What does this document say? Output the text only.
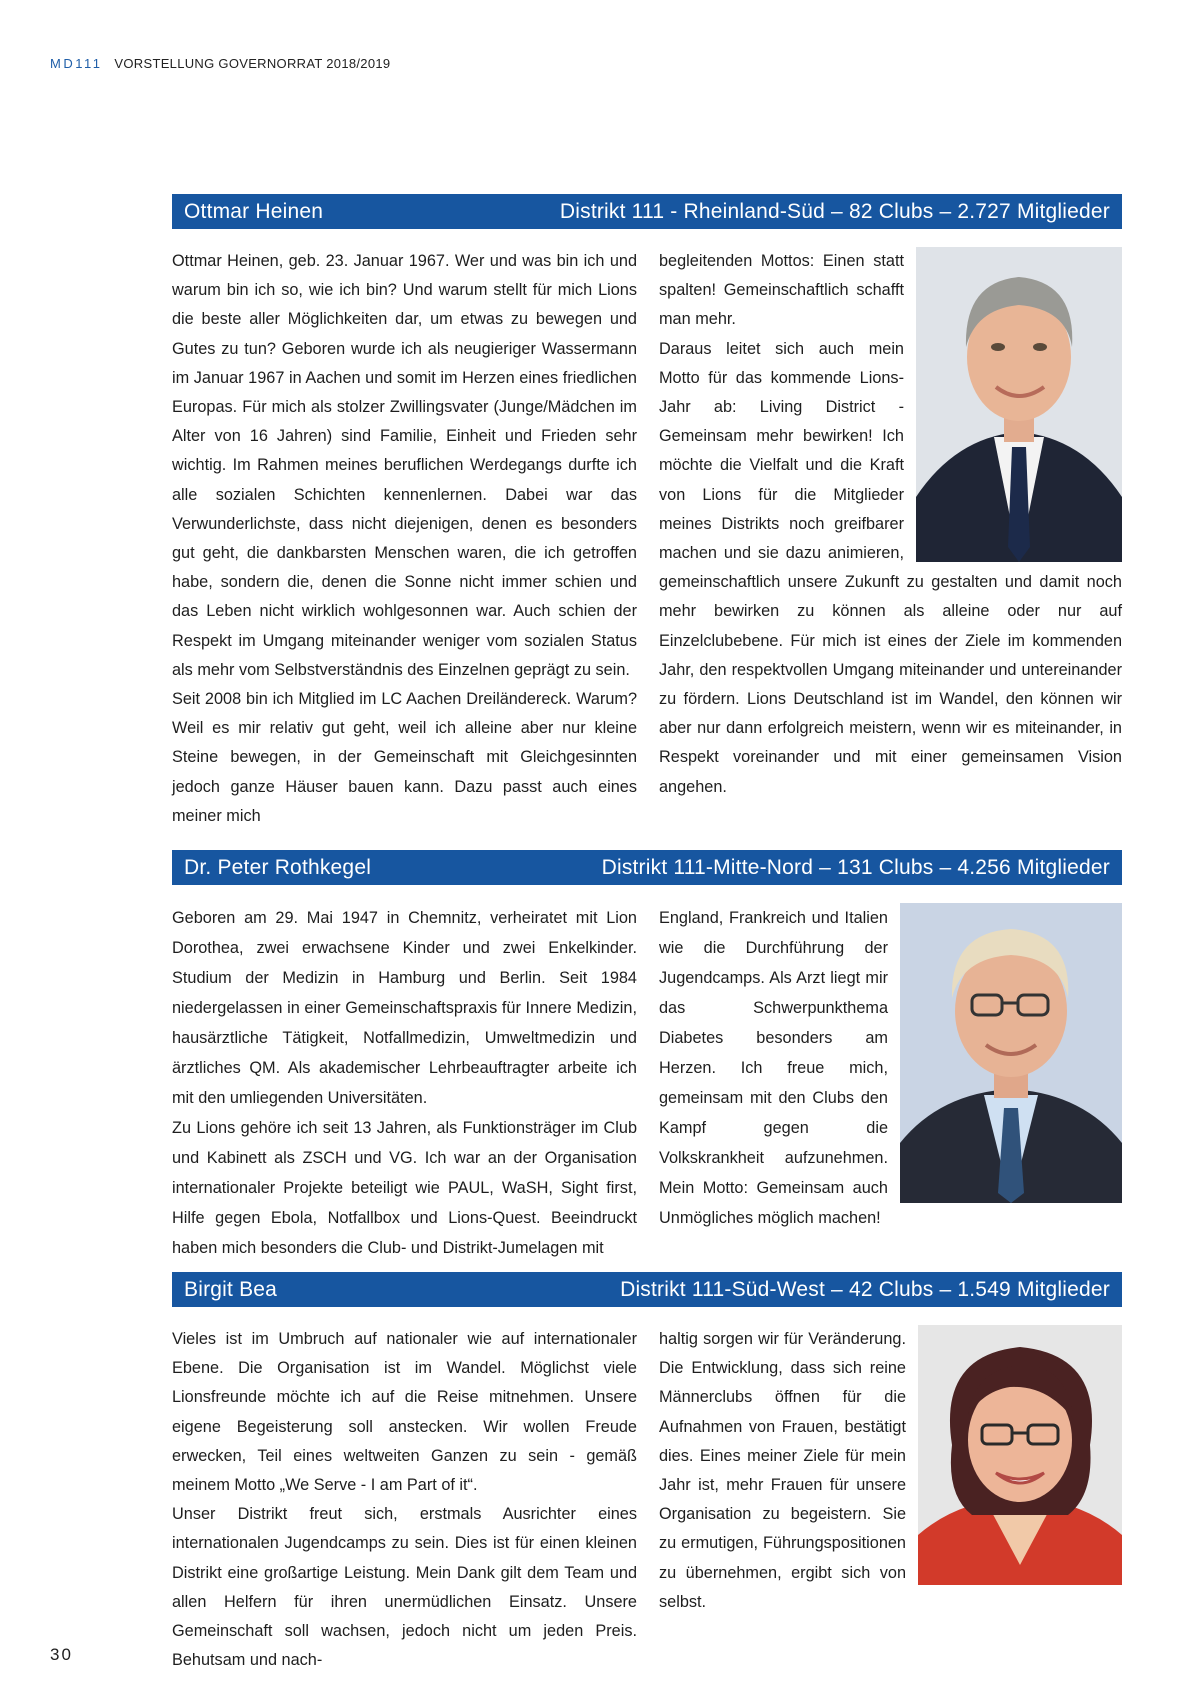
MD111 VORSTELLUNG GOVERNORRAT 2018/2019
Ottmar Heinen	Distrikt 111 - Rheinland-Süd – 82 Clubs – 2.727 Mitglieder

Ottmar Heinen, geb. 23. Januar 1967. Wer und was bin ich und warum bin ich so, wie ich bin? Und warum stellt für mich Lions die beste aller Möglichkeiten dar, um etwas zu bewegen und Gutes zu tun? Geboren wurde ich als neugieriger Wassermann im Januar 1967 in Aachen und somit im Herzen eines friedlichen Europas. Für mich als stolzer Zwillingsvater (Junge/Mädchen im Alter von 16 Jahren) sind Familie, Einheit und Frieden sehr wichtig. Im Rahmen meines beruflichen Werdegangs durfte ich alle sozialen Schichten kennenlernen. Dabei war das Verwunderlichste, dass nicht diejenigen, denen es besonders gut geht, die dankbarsten Menschen waren, die ich getroffen habe, sondern die, denen die Sonne nicht immer schien und das Leben nicht wirklich wohlgesonnen war. Auch schien der Respekt im Umgang miteinander weniger vom sozialen Status als mehr vom Selbstverständnis des Einzelnen geprägt zu sein.

Seit 2008 bin ich Mitglied im LC Aachen Dreiländereck. Warum? Weil es mir relativ gut geht, weil ich alleine aber nur kleine Steine bewegen, in der Gemeinschaft mit Gleichgesinnten jedoch ganze Häuser bauen kann. Dazu passt auch eines meiner mich

begleitenden Mottos: Einen statt spalten! Gemeinschaftlich schafft man mehr.

Daraus leitet sich auch mein Motto für das kommende Lions-Jahr ab: Living District - Gemeinsam mehr bewirken! Ich möchte die Vielfalt und die Kraft von Lions für die Mitglieder meines Distrikts noch greifbarer machen und sie dazu animieren, gemeinschaftlich unsere Zukunft zu gestalten und damit noch mehr bewirken zu können als alleine oder nur auf Einzelclubebene. Für mich ist eines der Ziele im kommenden Jahr, den respektvollen Umgang miteinander und untereinander zu fördern. Lions Deutschland ist im Wandel, den können wir aber nur dann erfolgreich meistern, wenn wir es miteinander, in Respekt voreinander und mit einer gemeinsamen Vision angehen.

Dr. Peter Rothkegel	Distrikt 111-Mitte-Nord – 131 Clubs – 4.256 Mitglieder

Geboren am 29. Mai 1947 in Chemnitz, verheiratet mit Lion Dorothea, zwei erwachsene Kinder und zwei Enkelkinder. Studium der Medizin in Hamburg und Berlin. Seit 1984 niedergelassen in einer Gemeinschaftspraxis für Innere Medizin, hausärztliche Tätigkeit, Notfallmedizin, Umweltmedizin und ärztliches QM. Als akademischer Lehrbeauftragter arbeite ich mit den umliegenden Universitäten.

Zu Lions gehöre ich seit 13 Jahren, als Funktionsträger im Club und Kabinett als ZSCH und VG. Ich war an der Organisation internationaler Projekte beteiligt wie PAUL, WaSH, Sight first, Hilfe gegen Ebola, Notfallbox und Lions-Quest. Beeindruckt haben mich besonders die Club- und Distrikt-Jumelagen mit

England, Frankreich und Italien wie die Durchführung der Jugendcamps. Als Arzt liegt mir das Schwerpunkthema Diabetes besonders am Herzen. Ich freue mich, gemeinsam mit den Clubs den Kampf gegen die Volkskrankheit aufzunehmen. Mein Motto: Gemeinsam auch Unmögliches möglich machen!

Birgit Bea	Distrikt 111-Süd-West – 42 Clubs – 1.549 Mitglieder

Vieles ist im Umbruch auf nationaler wie auf internationaler Ebene. Die Organisation ist im Wandel. Möglichst viele Lionsfreunde möchte ich auf die Reise mitnehmen. Unsere eigene Begeisterung soll anstecken. Wir wollen Freude erwecken, Teil eines weltweiten Ganzen zu sein - gemäß meinem Motto „We Serve - I am Part of it“.

Unser Distrikt freut sich, erstmals Ausrichter eines internationalen Jugendcamps zu sein. Dies ist für einen kleinen Distrikt eine großartige Leistung. Mein Dank gilt dem Team und allen Helfern für ihren unermüdlichen Einsatz. Unsere Gemeinschaft soll wachsen, jedoch nicht um jeden Preis. Behutsam und nach-

haltig sorgen wir für Veränderung. Die Entwicklung, dass sich reine Männerclubs öffnen für die Aufnahmen von Frauen, bestätigt dies. Eines meiner Ziele für mein Jahr ist, mehr Frauen für unsere Organisation zu begeistern. Sie zu ermutigen, Führungspositionen zu übernehmen, ergibt sich von selbst.

30
